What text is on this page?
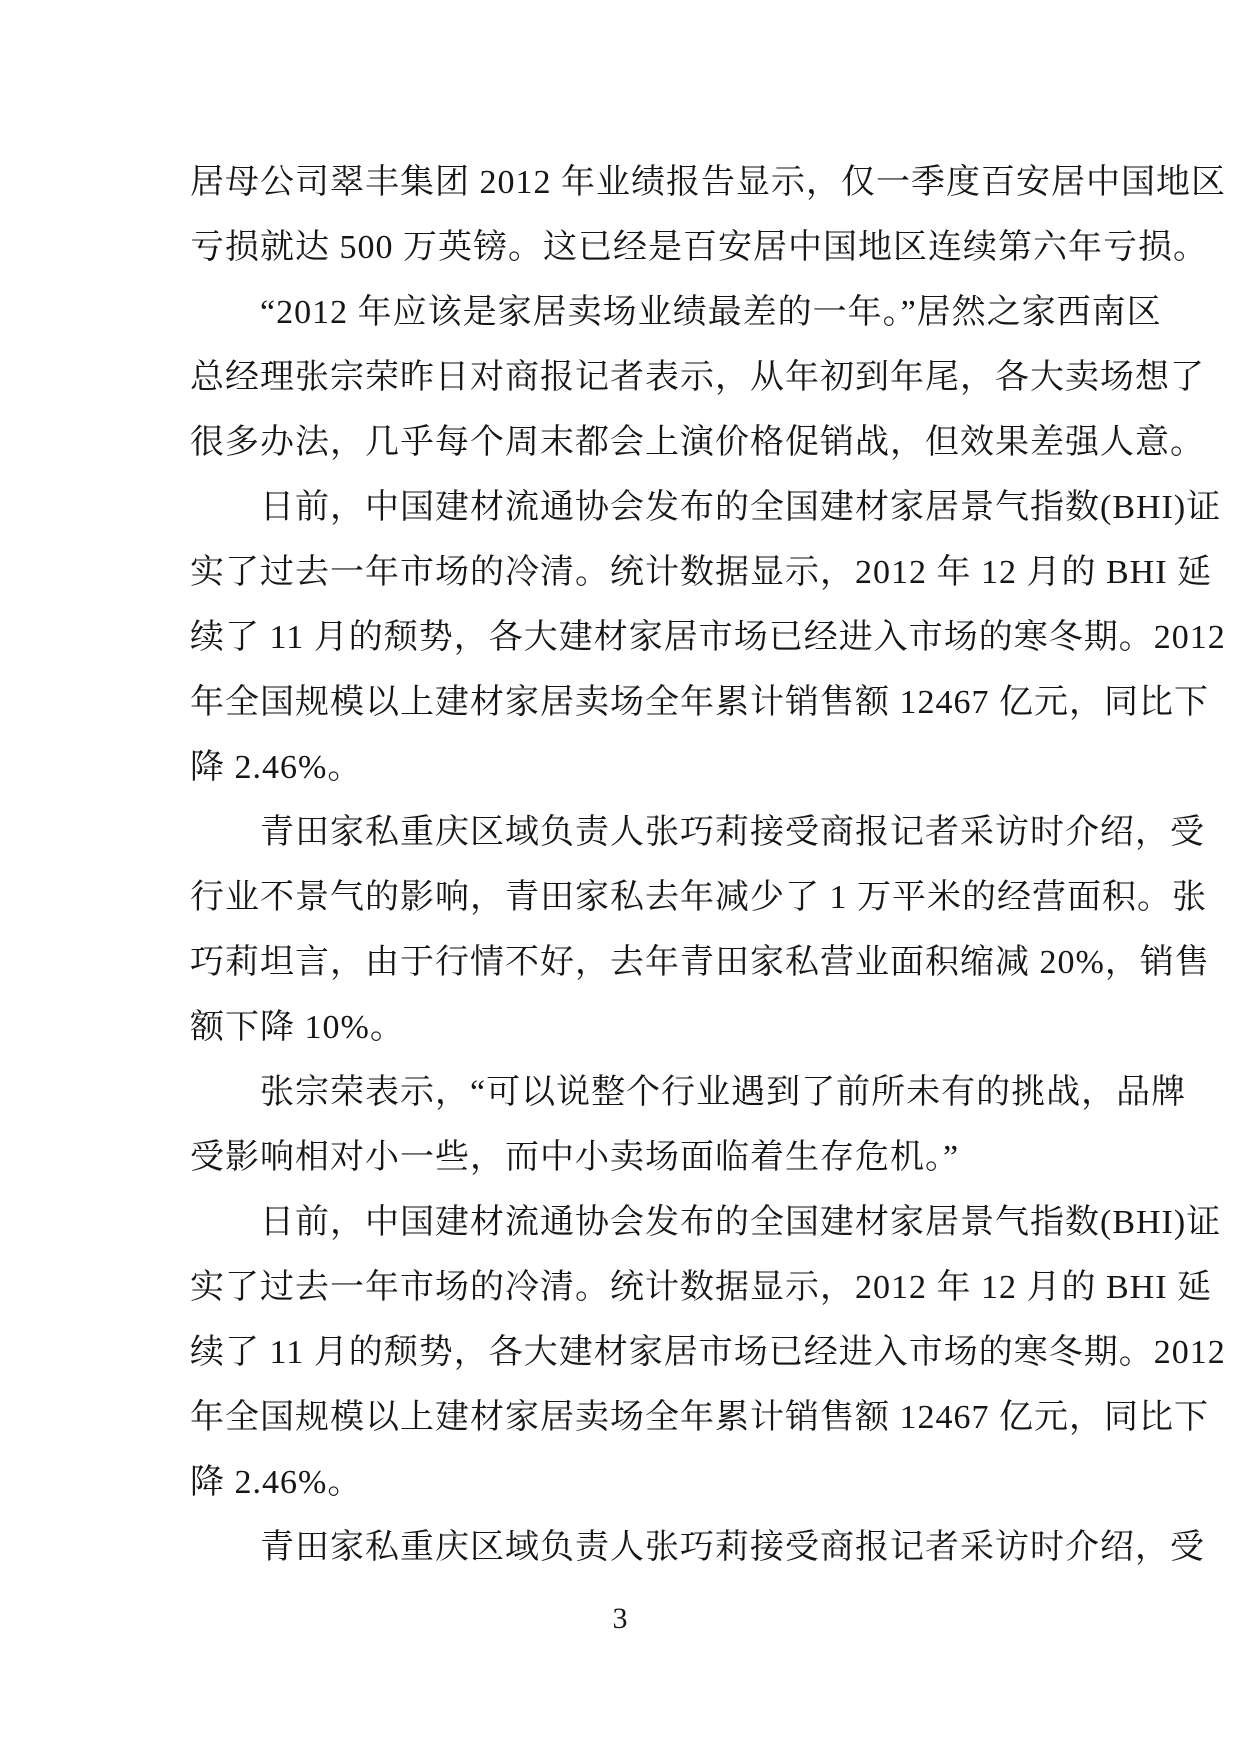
居母公司翠丰集团 2012 年业绩报告显示，仅一季度百安居中国地区
亏损就达 500 万英镑。这已经是百安居中国地区连续第六年亏损。
　　“2012 年应该是家居卖场业绩最差的一年。”居然之家西南区
总经理张宗荣昨日对商报记者表示，从年初到年尾，各大卖场想了
很多办法，几乎每个周末都会上演价格促销战，但效果差强人意。
　　日前，中国建材流通协会发布的全国建材家居景气指数(BHI)证
实了过去一年市场的冷清。统计数据显示，2012 年 12 月的 BHI 延
续了 11 月的颓势，各大建材家居市场已经进入市场的寒冬期。2012
年全国规模以上建材家居卖场全年累计销售额 12467 亿元，同比下
降 2.46%。
　　青田家私重庆区域负责人张巧莉接受商报记者采访时介绍，受
行业不景气的影响，青田家私去年减少了 1 万平米的经营面积。张
巧莉坦言，由于行情不好，去年青田家私营业面积缩减 20%，销售
额下降 10%。
　　张宗荣表示，“可以说整个行业遇到了前所未有的挑战，品牌
受影响相对小一些，而中小卖场面临着生存危机。”
　　日前，中国建材流通协会发布的全国建材家居景气指数(BHI)证
实了过去一年市场的冷清。统计数据显示，2012 年 12 月的 BHI 延
续了 11 月的颓势，各大建材家居市场已经进入市场的寒冬期。2012
年全国规模以上建材家居卖场全年累计销售额 12467 亿元，同比下
降 2.46%。
　　青田家私重庆区域负责人张巧莉接受商报记者采访时介绍，受
3
